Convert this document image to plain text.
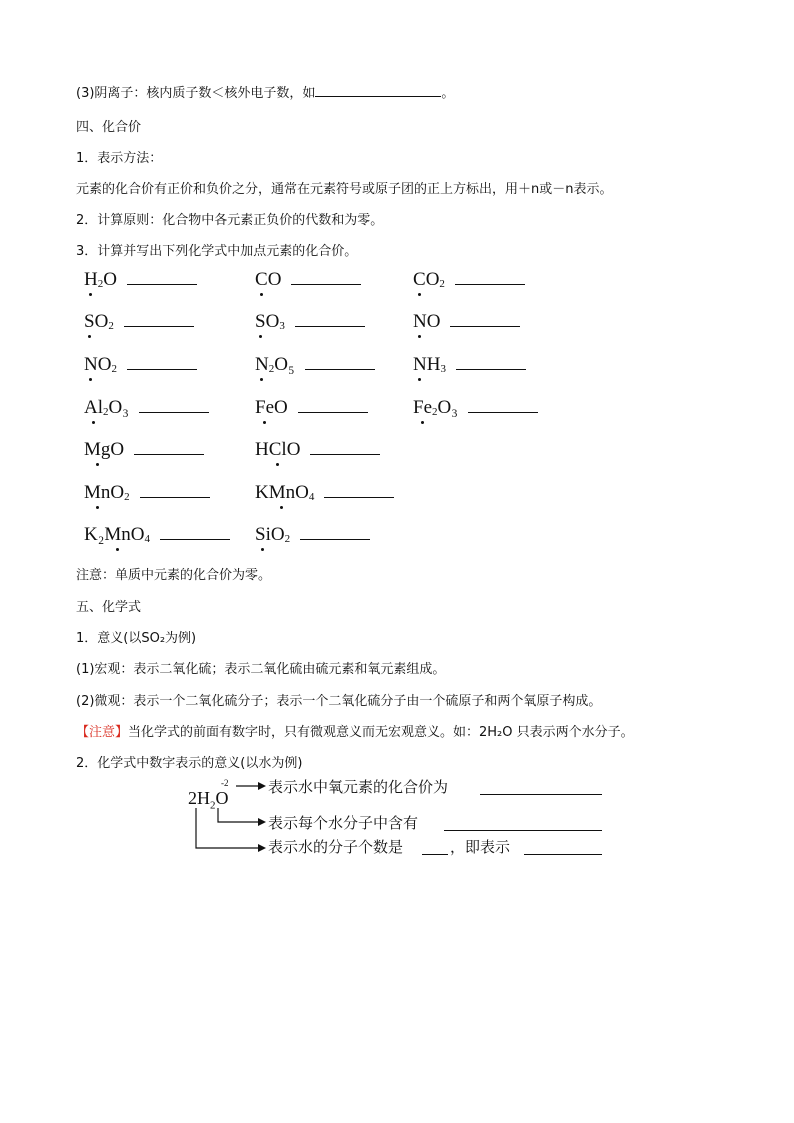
(3)阴离子：核内质子数＜核外电子数，如	。
四、化合价
1．表示方法：
元素的化合价有正价和负价之分，通常在元素符号或原子团的正上方标出，用＋n或－n表示。
2．计算原则：化合物中各元素正负价的代数和为零。
3．计算并写出下列化学式中加点元素的化合价。
$H_2O$	CO	$CO_2$
$SO_2$	$SO_3$	NO
$NO_2$	$N_2O_5$	$NH_3$
$Al_2O_3$	FeO	$Fe_2O_3$
MgO	HClO
MnO$_2$	KMnO$_4$
K₂MnO$_4$	SiO$_2$
注意：单质中元素的化合价为零。
五、化学式
1．意义(以SO₂为例)
(1)宏观：表示二氧化硫；表示二氧化硫由硫元素和氧元素组成。
(2)微观：表示一个二氧化硫分子；表示一个二氧化硫分子由一个硫原子和两个氧原子构成。
【注意】当化学式的前面有数字时，只有微观意义而无宏观意义。如：2H₂O 只表示两个水分子。
2．化学式中数字表示的意义(以水为例)
$2H_2O$
-2	表示水中氧元素的化合价为
表示每个水分子中含有
表示水的分子个数是	，即表示
